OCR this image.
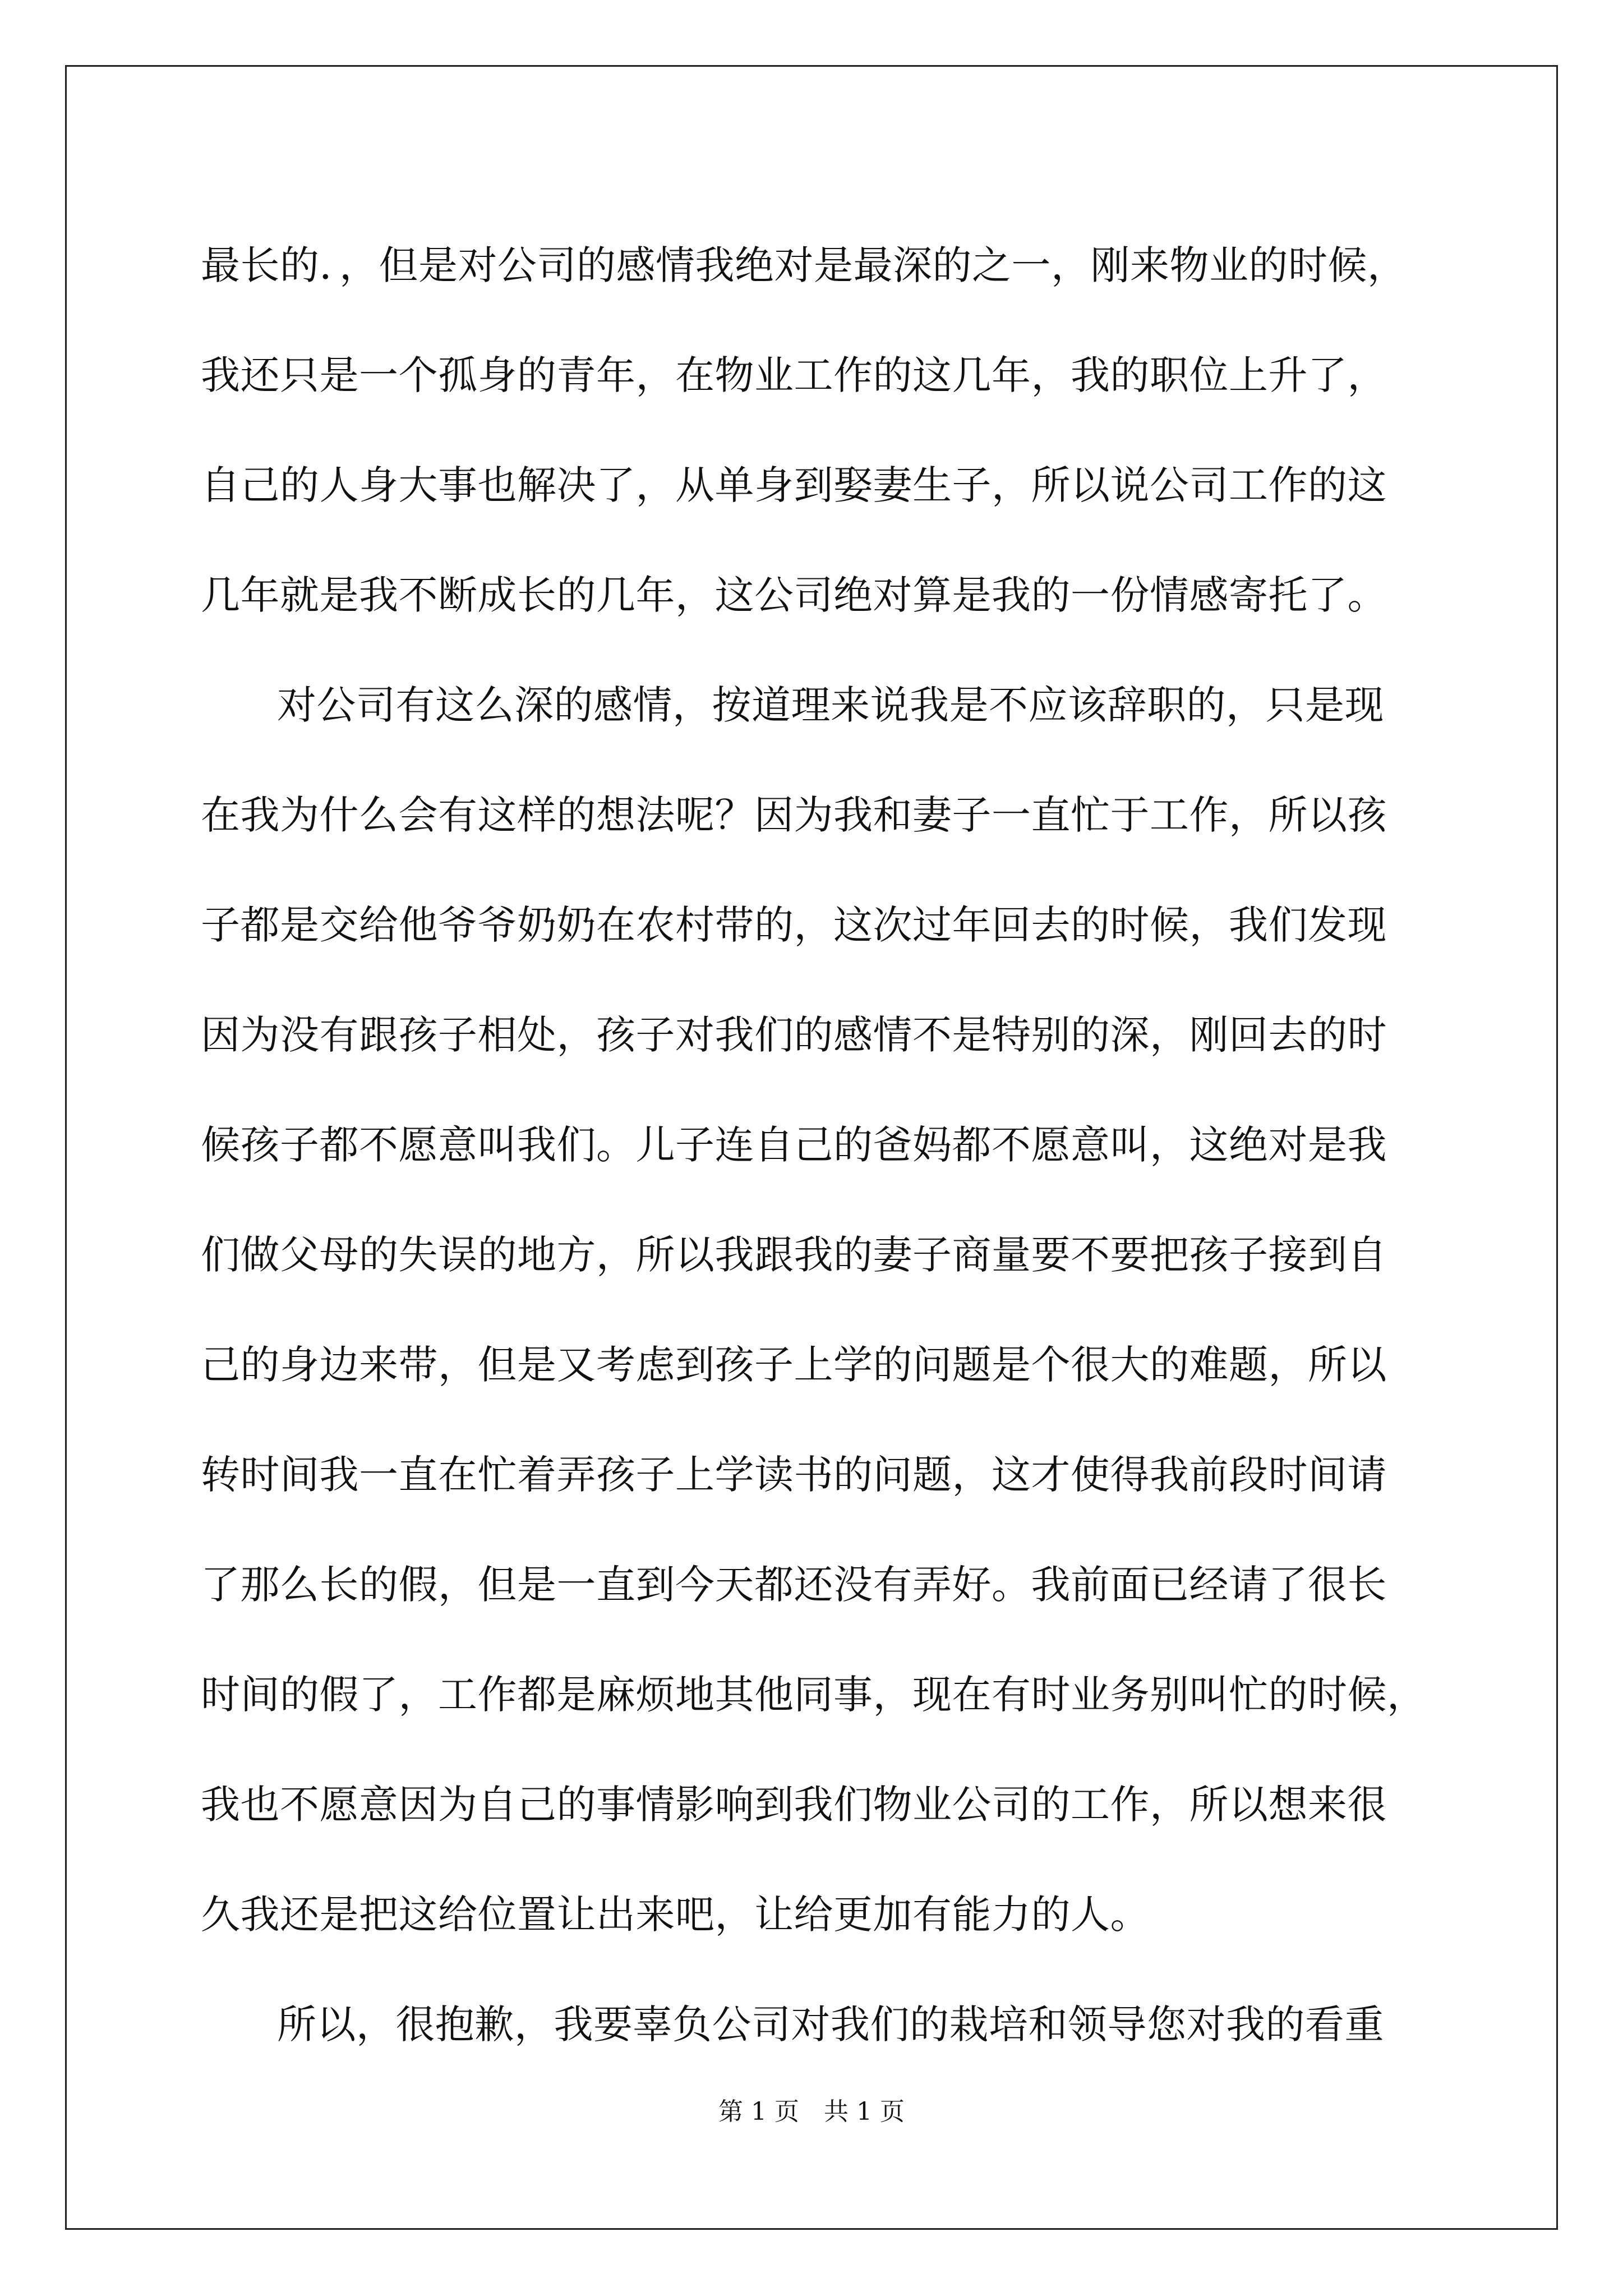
最长的．，但是对公司的感情我绝对是最深的之一，刚来物业的时候，
我还只是一个孤身的青年，在物业工作的这几年，我的职位上升了，
自己的人身大事也解决了，从单身到娶妻生子，所以说公司工作的这
几年就是我不断成长的几年，这公司绝对算是我的一份情感寄托了。
对公司有这么深的感情，按道理来说我是不应该辞职的，只是现
在我为什么会有这样的想法呢？因为我和妻子一直忙于工作，所以孩
子都是交给他爷爷奶奶在农村带的，这次过年回去的时候，我们发现
因为没有跟孩子相处，孩子对我们的感情不是特别的深，刚回去的时
候孩子都不愿意叫我们。儿子连自己的爸妈都不愿意叫，这绝对是我
们做父母的失误的地方，所以我跟我的妻子商量要不要把孩子接到自
己的身边来带，但是又考虑到孩子上学的问题是个很大的难题，所以
转时间我一直在忙着弄孩子上学读书的问题，这才使得我前段时间请
了那么长的假，但是一直到今天都还没有弄好。我前面已经请了很长
时间的假了，工作都是麻烦地其他同事，现在有时业务别叫忙的时候，
我也不愿意因为自己的事情影响到我们物业公司的工作，所以想来很
久我还是把这给位置让出来吧，让给更加有能力的人。
所以，很抱歉，我要辜负公司对我们的栽培和领导您对我的看重
第 1 页　共 1 页
